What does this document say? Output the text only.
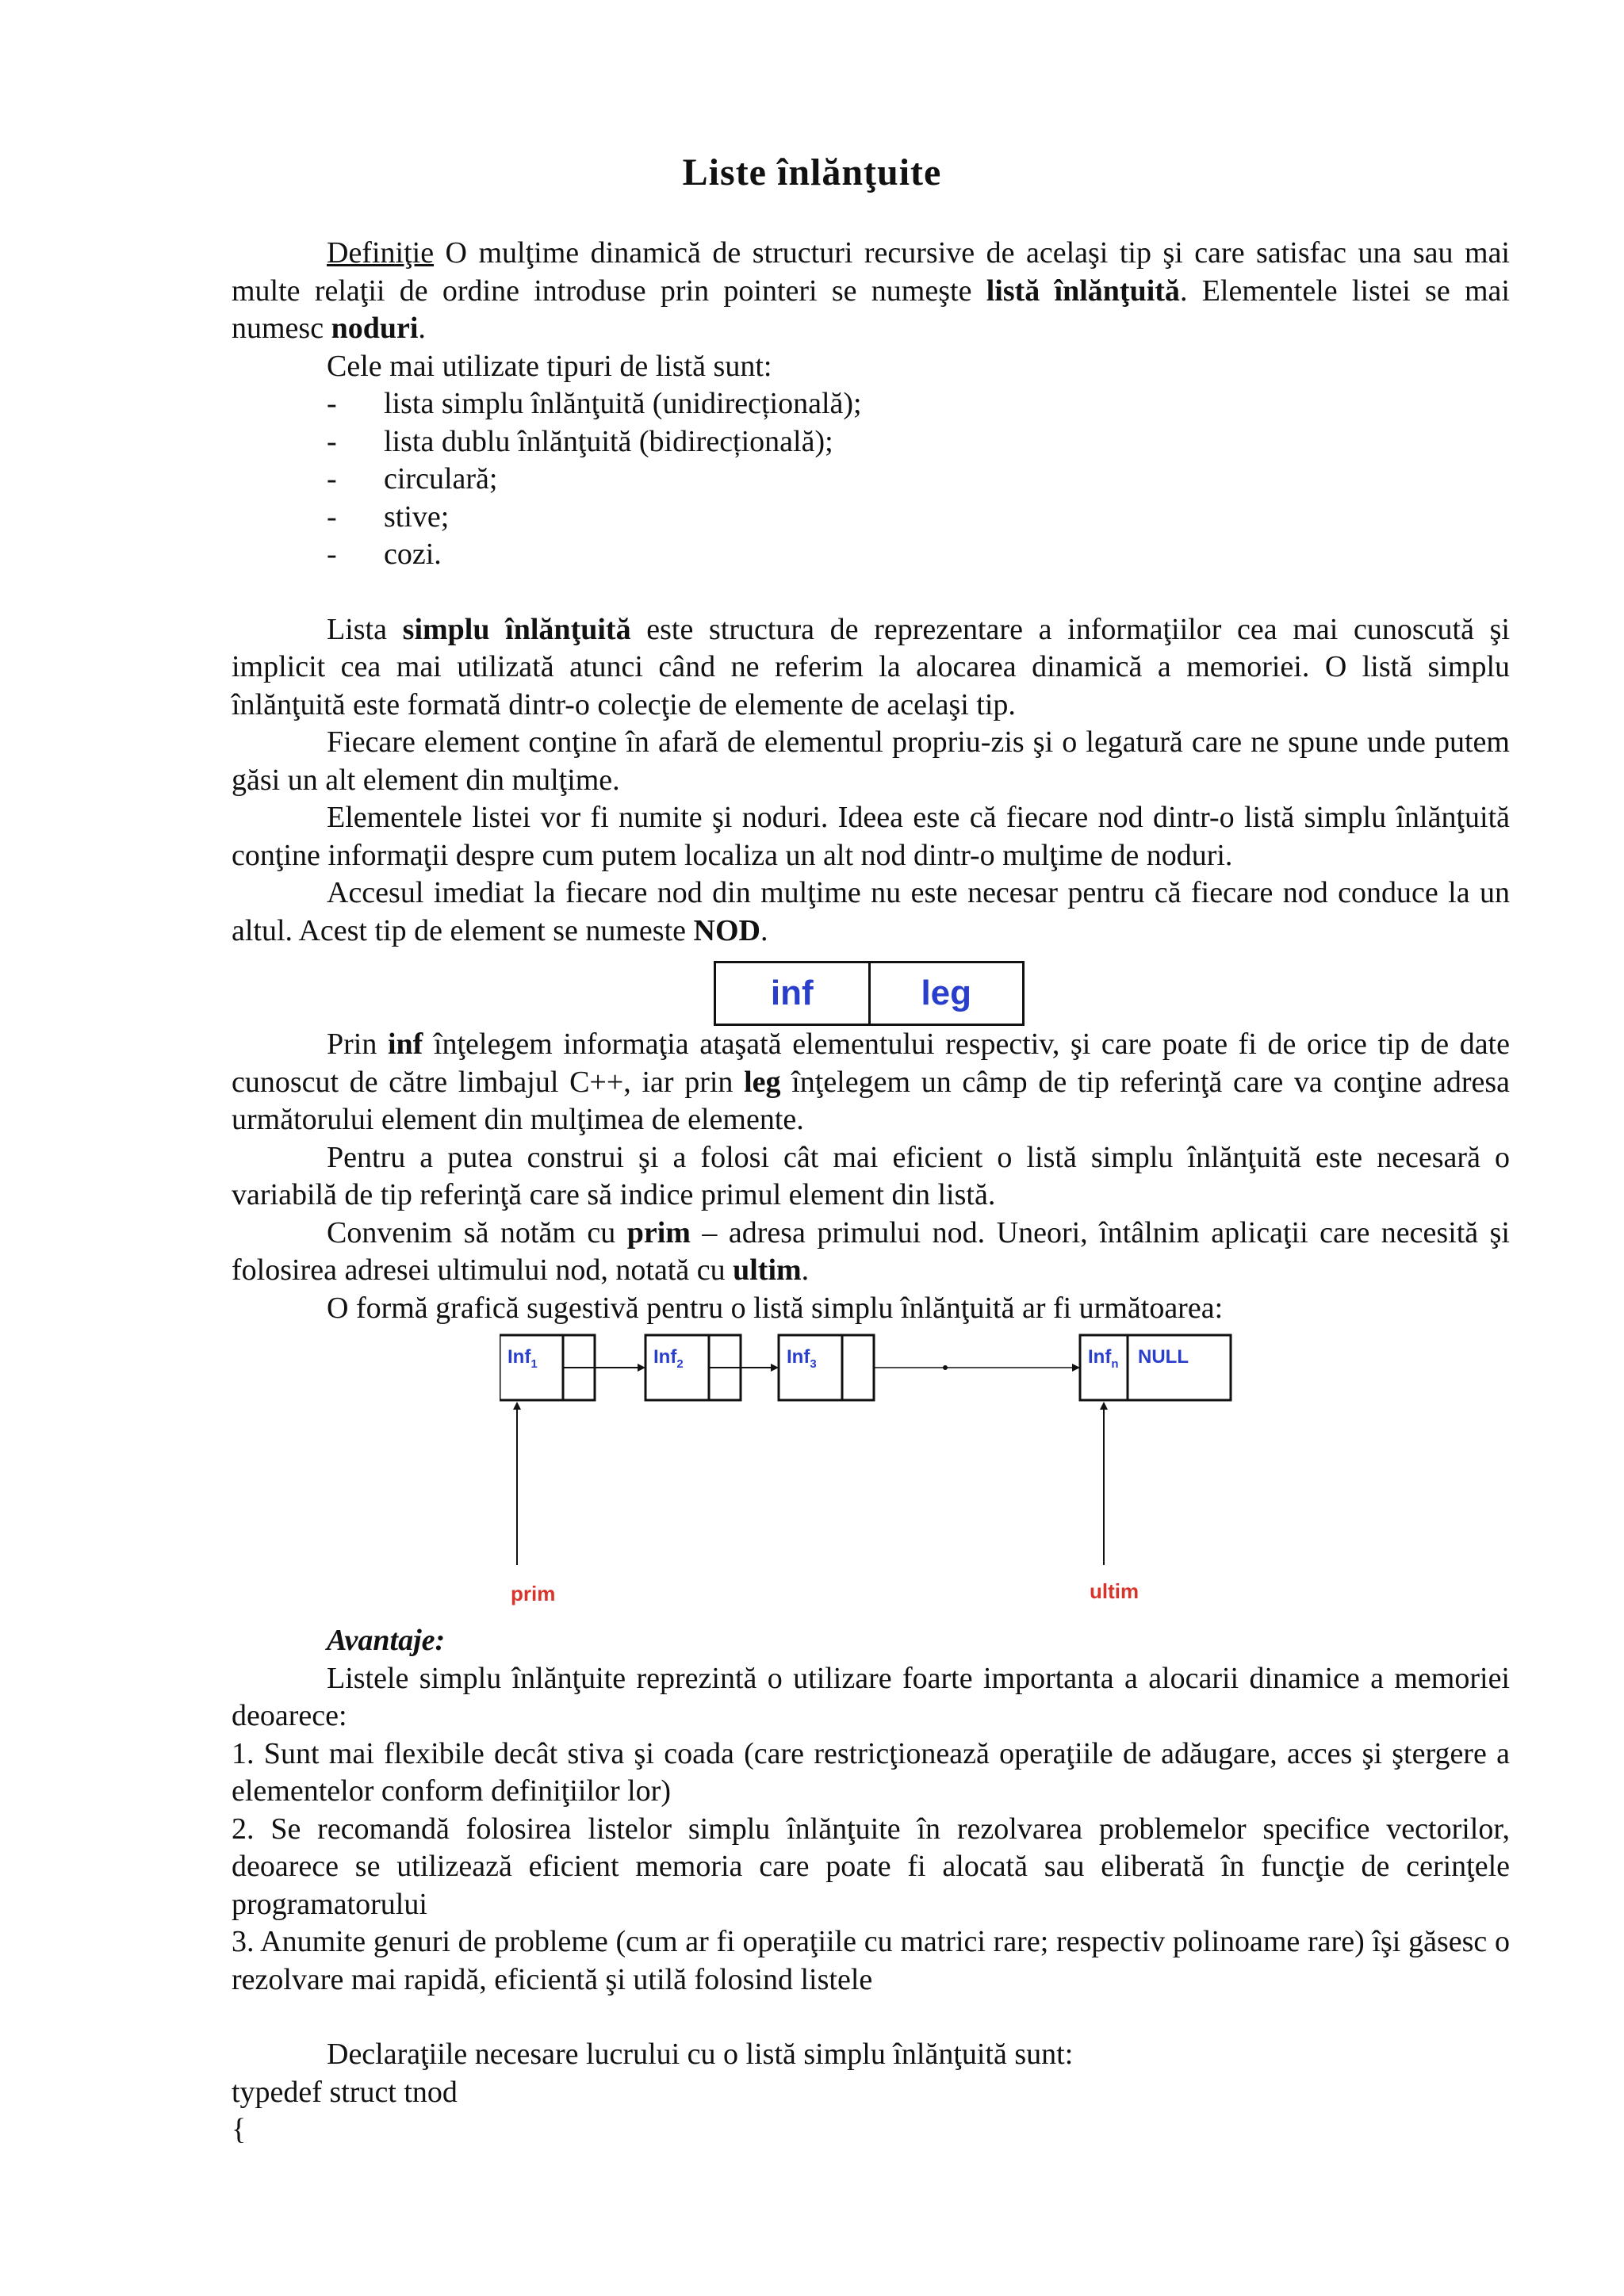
Liste înlănţuite

Definiţie O mulţime dinamică de structuri recursive de acelaşi tip şi care satisfac una sau mai multe relaţii de ordine introduse prin pointeri se numeşte listă înlănţuită. Elementele listei se mai numesc noduri.

Cele mai utilizate tipuri de listă sunt:

- lista simplu înlănţuită (unidirecțională);
- lista dublu înlănţuită (bidirecțională);
- circulară;
- stive;
- cozi.

Lista simplu înlănţuită este structura de reprezentare a informaţiilor cea mai cunoscută şi implicit cea mai utilizată atunci când ne referim la alocarea dinamică a memoriei. O listă simplu înlănţuită este formată dintr-o colecţie de elemente de acelaşi tip.

Fiecare element conţine în afară de elementul propriu-zis şi o legatură care ne spune unde putem găsi un alt element din mulţime.

Elementele listei vor fi numite şi noduri. Ideea este că fiecare nod dintr-o listă simplu înlănţuită conţine informaţii despre cum putem localiza un alt nod dintr-o mulţime de noduri.

Accesul imediat la fiecare nod din mulţime nu este necesar pentru că fiecare nod conduce la un altul. Acest tip de element se numeste NOD.

inf	leg

Prin inf înţelegem informaţia ataşată elementului respectiv, şi care poate fi de orice tip de date cunoscut de către limbajul C++, iar prin leg înţelegem un câmp de tip referinţă care va conţine adresa următorului element din mulţimea de elemente.

Pentru a putea construi şi a folosi cât mai eficient o listă simplu înlănţuită este necesară o variabilă de tip referinţă care să indice primul element din listă.

Convenim să notăm cu prim – adresa primului nod. Uneori, întâlnim aplicaţii care necesită şi folosirea adresei ultimului nod, notată cu ultim.

O formă grafică sugestivă pentru o listă simplu înlănţuită ar fi următoarea:

Inf$_1$	Inf$_2$	Inf$_3$	Inf$_n$ NULL
prim	ultim

Avantaje:

Listele simplu înlănţuite reprezintă o utilizare foarte importanta a alocarii dinamice a memoriei deoarece:

1. Sunt mai flexibile decât stiva şi coada (care restricţionează operaţiile de adăugare, acces şi ştergere a elementelor conform definiţiilor lor)

2. Se recomandă folosirea listelor simplu înlănţuite în rezolvarea problemelor specifice vectorilor, deoarece se utilizează eficient memoria care poate fi alocată sau eliberată în funcţie de cerinţele programatorului

3. Anumite genuri de probleme (cum ar fi operaţiile cu matrici rare; respectiv polinoame rare) îşi găsesc o rezolvare mai rapidă, eficientă şi utilă folosind listele

Declaraţiile necesare lucrului cu o listă simplu înlănţuită sunt:

typedef struct tnod

{
